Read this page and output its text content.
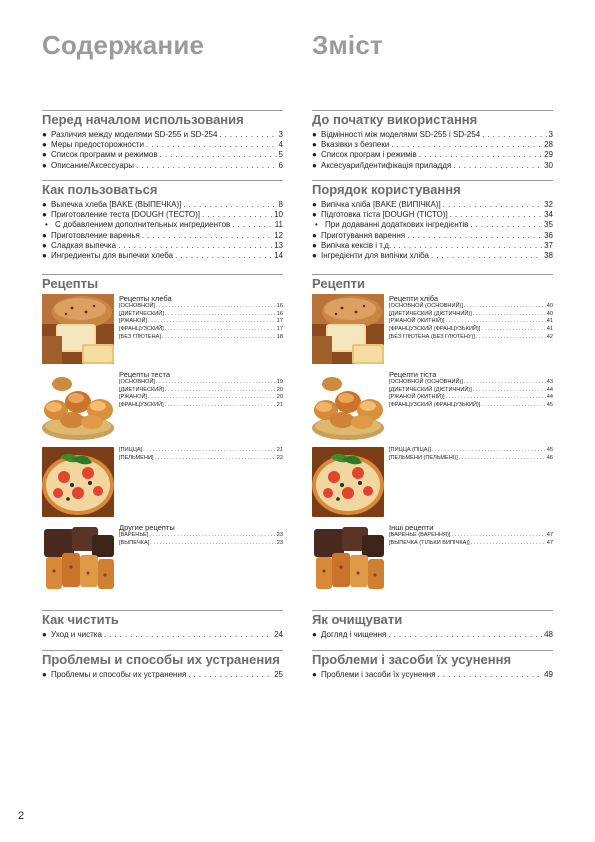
Содержание	Зміст
Перед началом использования
● Различия между моделями SD-255 и SD-254 . . .	3
● Меры предосторожности . . .	4
● Список программ и режимов . . .	5
● Описание/Аксессуары . . .	6
Как пользоваться
● Выпечка хлеба [BAKE (ВЫПЕЧКА)] . . .	8
● Приготовление теста [DOUGH (ТЕСТО)] . . .	10
• С добавлением дополнительных ингредиентов . . .	11
● Приготовление варенья . . .	12
● Сладкая выпечка . . .	13
● Ингредиенты для выпечки хлеба . . .	14
Рецепты
Как чистить
● Уход и чистка . . .	24
Проблемы и способы их устранения
● Проблемы и способы их устранения . . .	25
Рецепты хлеба
[ОСНОВНОЙ] . . .	16
[ДИЕТИЧЕСКИЙ] . . .	16
[РЖАНОЙ] . . .	17
[ФРАНЦУЗСКИЙ] . . .	17
[БЕЗ ГЛЮТЕНА] . . .	18
Рецепты теста
[ОСНОВНОЙ] . . .	19
[ДИЕТИЧЕСКИЙ] . . .	20
[РЖАНОЙ] . . .	20
[ФРАНЦУЗСКИЙ] . . .	21
[ПИЦЦА] . . .	21
[ПЕЛЬМЕНИ] . . .	22
Другие рецепты
[ВАРЕНЬЕ] . . .	23
[ВЫПЕЧКА] . . .	23
До початку використання
● Відмінності між моделями SD-255 і SD-254 . . .	3
● Вказівки з безпеки . . .	28
● Список програм і режимів . . .	29
● Аксесуари/Ідентифікація приладдя . . .	30
Порядок користування
● Випічка хліба [BAKE (ВИПІЧКА)] . . .	32
● Підготовка тіста [DOUGH (ТІСТО)] . . .	34
• При додаванні додаткових інгредієнтів . . .	35
● Приготування варення . . .	36
● Випічка кексів і т.д. . . .	37
● Інгредієнти для випічки хліба . . .	38
Рецепти
Як очищувати
● Догляд і чищення . . .	48
Проблеми і засоби їх усунення
● Проблеми і засоби їх усунення . . .	49
Рецепти хліба
[ОСНОВНОЙ (ОСНОВНИЙ)] . . .	40
[ДИЕТИЧЕСКИЙ (ДІЄТИЧНИЙ)] . . .	40
[РЖАНОЙ (ЖИТНІЙ)] . . .	41
[ФРАНЦУЗСКИЙ (ФРАНЦУЗЬКИЙ)] . . .	41
[БЕЗ ГЛЮТЕНА (БЕЗ ГЛЮТЕНУ)] . . .	42
Рецепти тіста
[ОСНОВНОЙ (ОСНОВНИЙ)] . . .	43
[ДИЕТИЧЕСКИЙ (ДІЄТИЧНИЙ)] . . .	44
[РЖАНОЙ (ЖИТНІЙ)] . . .	44
[ФРАНЦУЗСКИЙ (ФРАНЦУЗЬКИЙ)] . . .	45
[ПИЦЦА (ПІЦА)] . . .	45
[ПЕЛЬМЕНИ (ПЕЛЬМЕНІ)] . . .	46
Інші рецепти
[ВАРЕНЬЕ (ВАРЕННЯ)] . . .	47
[ВЫПЕЧКА (ТІЛЬКИ ВИПІЧКА)] . . .	47
2
